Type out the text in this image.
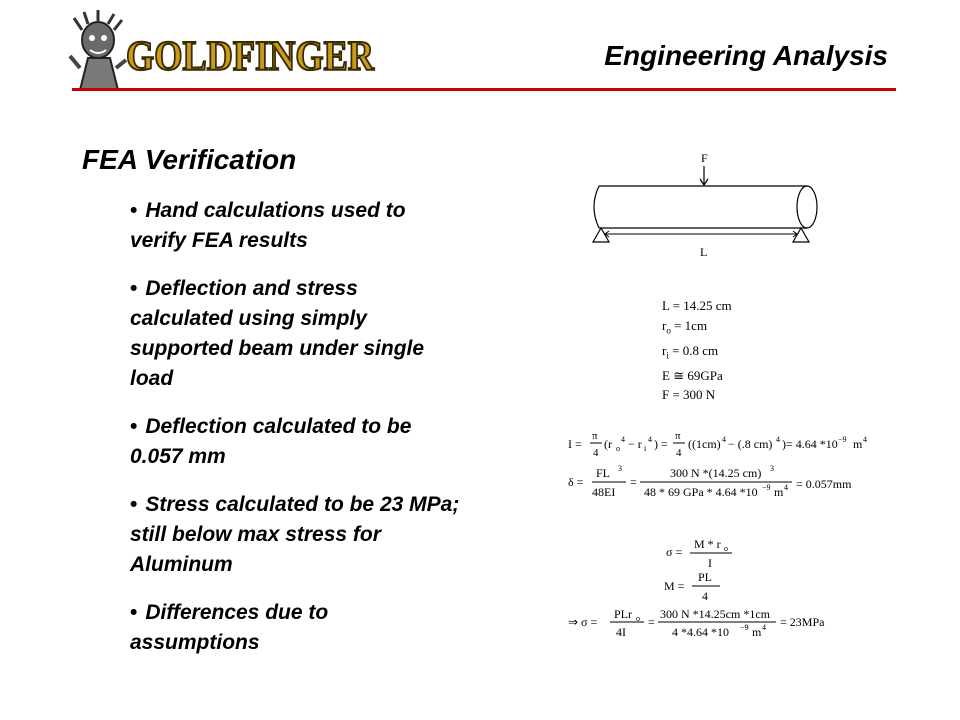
GOLDFINGER	Engineering Analysis
FEA Verification
• Hand calculations used to verify FEA results
• Deflection and stress calculated using simply supported beam under single load
• Deflection calculated to be 0.057 mm
• Stress calculated to be 23 MPa; still below max stress for Aluminum
• Differences due to assumptions
F
L
L = 14.25 cm
$r_o = 1cm$
$r_i = 0.8$ cm
E ≅ 69GPa
F = 300 N
I =
π
4
(r o
4 − r i
4 ) =
π
4
((1cm) 4 − (.8 cm) 4 ) = 4.64 *10 −9 m 4
δ =
FL 3
48EI
=
300 N *(14.25 cm) 3
48 * 69 GPa * 4.64 *10 −9 m 4 = 0.057mm
σ =
M * r o
I
M =
PL
4
⇒ σ =
PLr o
4I
=
300 N *14.25cm *1cm
4 *4.64 *10 −9 m 4 = 23MPa
